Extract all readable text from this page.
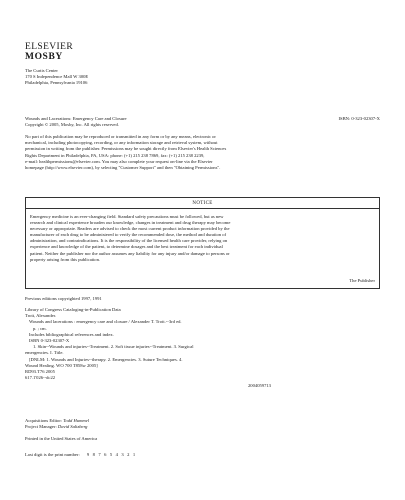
ELSEVIER
MOSBY
The Curtis Center
170 S Independence Mall W 300E
Philadelphia, Pennsylvania 19106
Wounds and Lacerations: Emergency Care and Closure	ISBN: 0-323-02307-X
Copyright © 2005, Mosby, Inc. All rights reserved.
No part of this publication may be reproduced or transmitted in any form or by any means, electronic or
mechanical, including photocopying, recording, or any information storage and retrieval system, without
permission in writing from the publisher. Permissions may be sought directly from Elsevier's Health Sciences
Rights Department in Philadelphia, PA, USA: phone: (+1) 215 238 7869, fax: (+1) 215 238 2239,
e-mail: healthpermissions@elsevier.com. You may also complete your request on-line via the Elsevier
homepage (http://www.elsevier.com), by selecting "Customer Support" and then "Obtaining Permissions".
NOTICE
Emergency medicine is an ever-changing field. Standard safety precautions must be followed, but as new
research and clinical experience broaden our knowledge, changes in treatment and drug therapy may become
necessary or appropriate. Readers are advised to check the most current product information provided by the
manufacturer of each drug to be administered to verify the recommended dose, the method and duration of
administration, and contraindications. It is the responsibility of the licensed health care provider, relying on
experience and knowledge of the patient, to determine dosages and the best treatment for each individual
patient. Neither the publisher nor the author assumes any liability for any injury and/or damage to persons or
property arising from this publication.
The Publisher
Previous editions copyrighted 1997, 1991
Library of Congress Cataloging-in-Publication Data
Trott, Alexander.
Wounds and lacerations : emergency care and closure / Alexander T. Trott.--3rd ed.
p. ; cm.
Includes bibliographical references and index.
ISBN 0-323-02307-X
1. Skin--Wounds and injuries--Treatment. 2. Soft tissue injuries--Treatment. 3. Surgical
emergencies. I. Title.
[DNLM: 1. Wounds and Injuries--therapy. 2. Emergencies. 3. Suture Techniques. 4.
Wound Healing. WO 700 T858w 2005]
RD93.T76 2005
617.1'026--dc22
2004059713
Acquisitions Editor: Todd Hummel
Project Manager: David Saltzberg
Printed in the United States of America
Last digit is the print number: 9   8   7   6   5   4   3   2   1
